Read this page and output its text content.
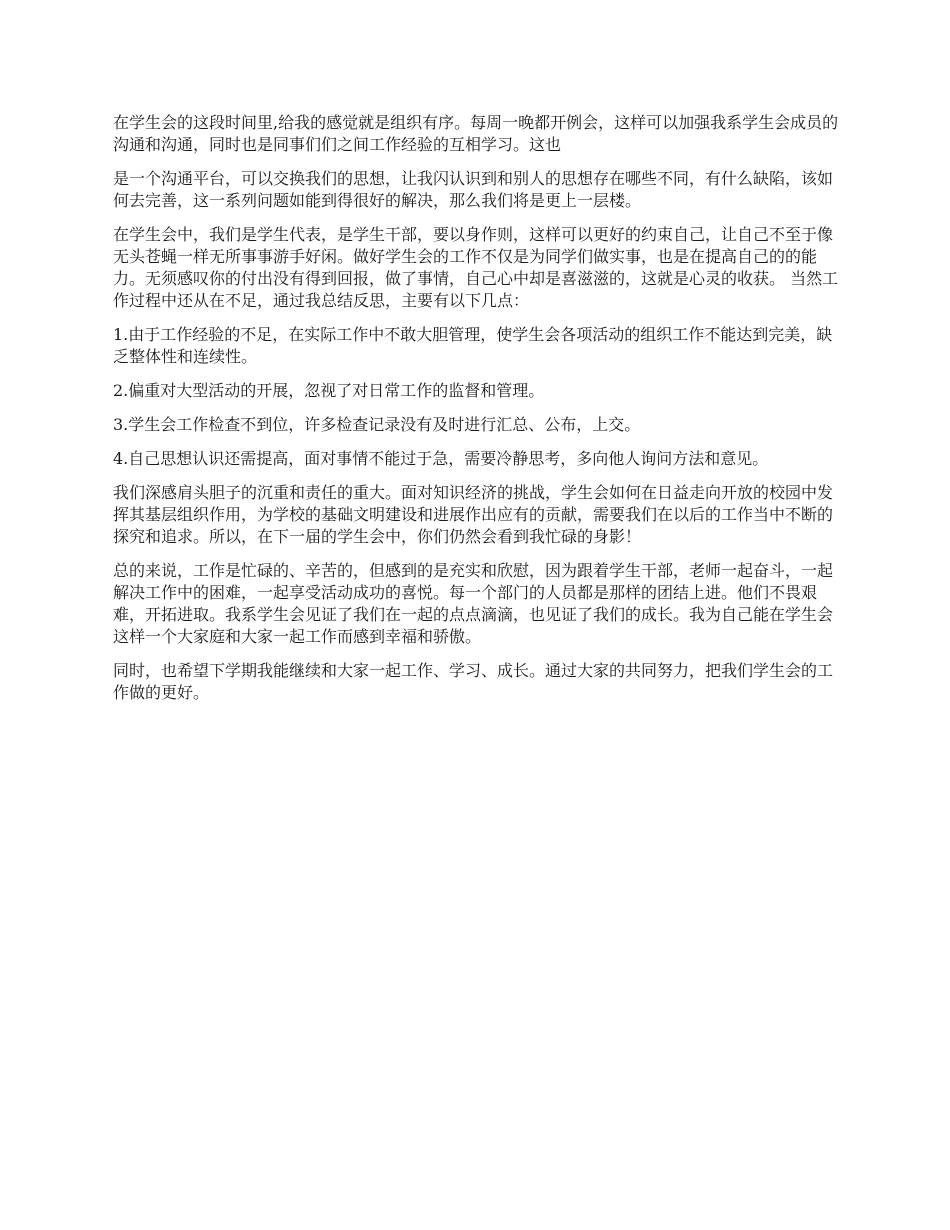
在学生会的这段时间里,给我的感觉就是组织有序。每周一晚都开例会，这样可以加强我系学生会成员的沟通和沟通，同时也是同事们们之间工作经验的互相学习。这也

是一个沟通平台，可以交换我们的思想，让我闪认识到和别人的思想存在哪些不同，有什么缺陷，该如何去完善，这一系列问题如能到得很好的解决，那么我们将是更上一层楼。

在学生会中，我们是学生代表，是学生干部，要以身作则，这样可以更好的约束自己，让自己不至于像无头苍蝇一样无所事事游手好闲。做好学生会的工作不仅是为同学们做实事，也是在提高自己的的能力。无须感叹你的付出没有得到回报，做了事情，自己心中却是喜滋滋的，这就是心灵的收获。 当然工作过程中还从在不足，通过我总结反思，主要有以下几点：

1.由于工作经验的不足，在实际工作中不敢大胆管理，使学生会各项活动的组织工作不能达到完美，缺乏整体性和连续性。

2.偏重对大型活动的开展，忽视了对日常工作的监督和管理。

3.学生会工作检查不到位，许多检查记录没有及时进行汇总、公布，上交。

4.自己思想认识还需提高，面对事情不能过于急，需要冷静思考，多向他人询问方法和意见。

我们深感肩头胆子的沉重和责任的重大。面对知识经济的挑战，学生会如何在日益走向开放的校园中发挥其基层组织作用，为学校的基础文明建设和进展作出应有的贡献，需要我们在以后的工作当中不断的探究和追求。所以，在下一届的学生会中，你们仍然会看到我忙碌的身影！

总的来说，工作是忙碌的、辛苦的，但感到的是充实和欣慰，因为跟着学生干部，老师一起奋斗，一起解决工作中的困难，一起享受活动成功的喜悦。每一个部门的人员都是那样的团结上进。他们不畏艰难，开拓进取。我系学生会见证了我们在一起的点点滴滴，也见证了我们的成长。我为自己能在学生会这样一个大家庭和大家一起工作而感到幸福和骄傲。

同时，也希望下学期我能继续和大家一起工作、学习、成长。通过大家的共同努力，把我们学生会的工作做的更好。
